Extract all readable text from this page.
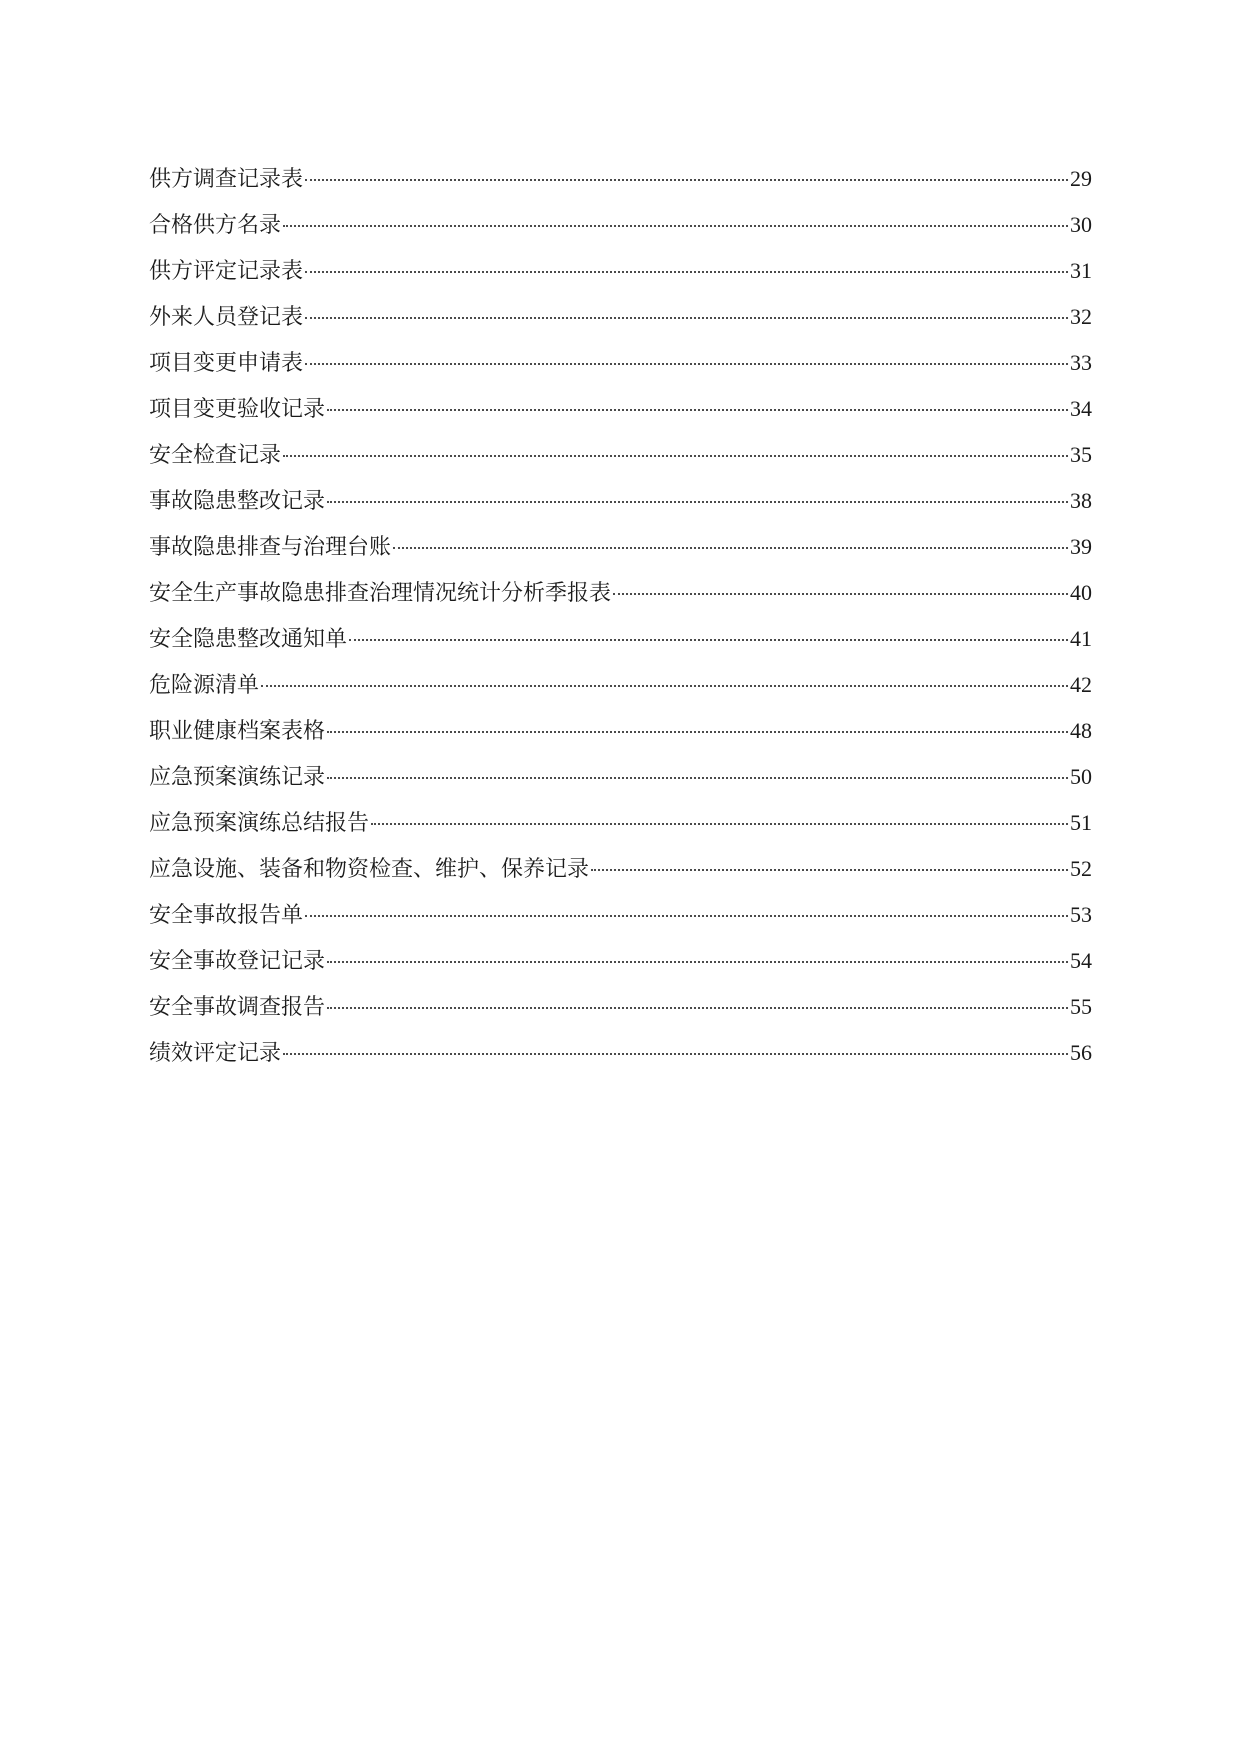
供方调查记录表	29
合格供方名录	30
供方评定记录表	31
外来人员登记表	32
项目变更申请表	33
项目变更验收记录	34
安全检查记录	35
事故隐患整改记录	38
事故隐患排查与治理台账	39
安全生产事故隐患排查治理情况统计分析季报表	40
安全隐患整改通知单	41
危险源清单	42
职业健康档案表格	48
应急预案演练记录	50
应急预案演练总结报告	51
应急设施、装备和物资检查、维护、保养记录	52
安全事故报告单	53
安全事故登记记录	54
安全事故调查报告	55
绩效评定记录	56
